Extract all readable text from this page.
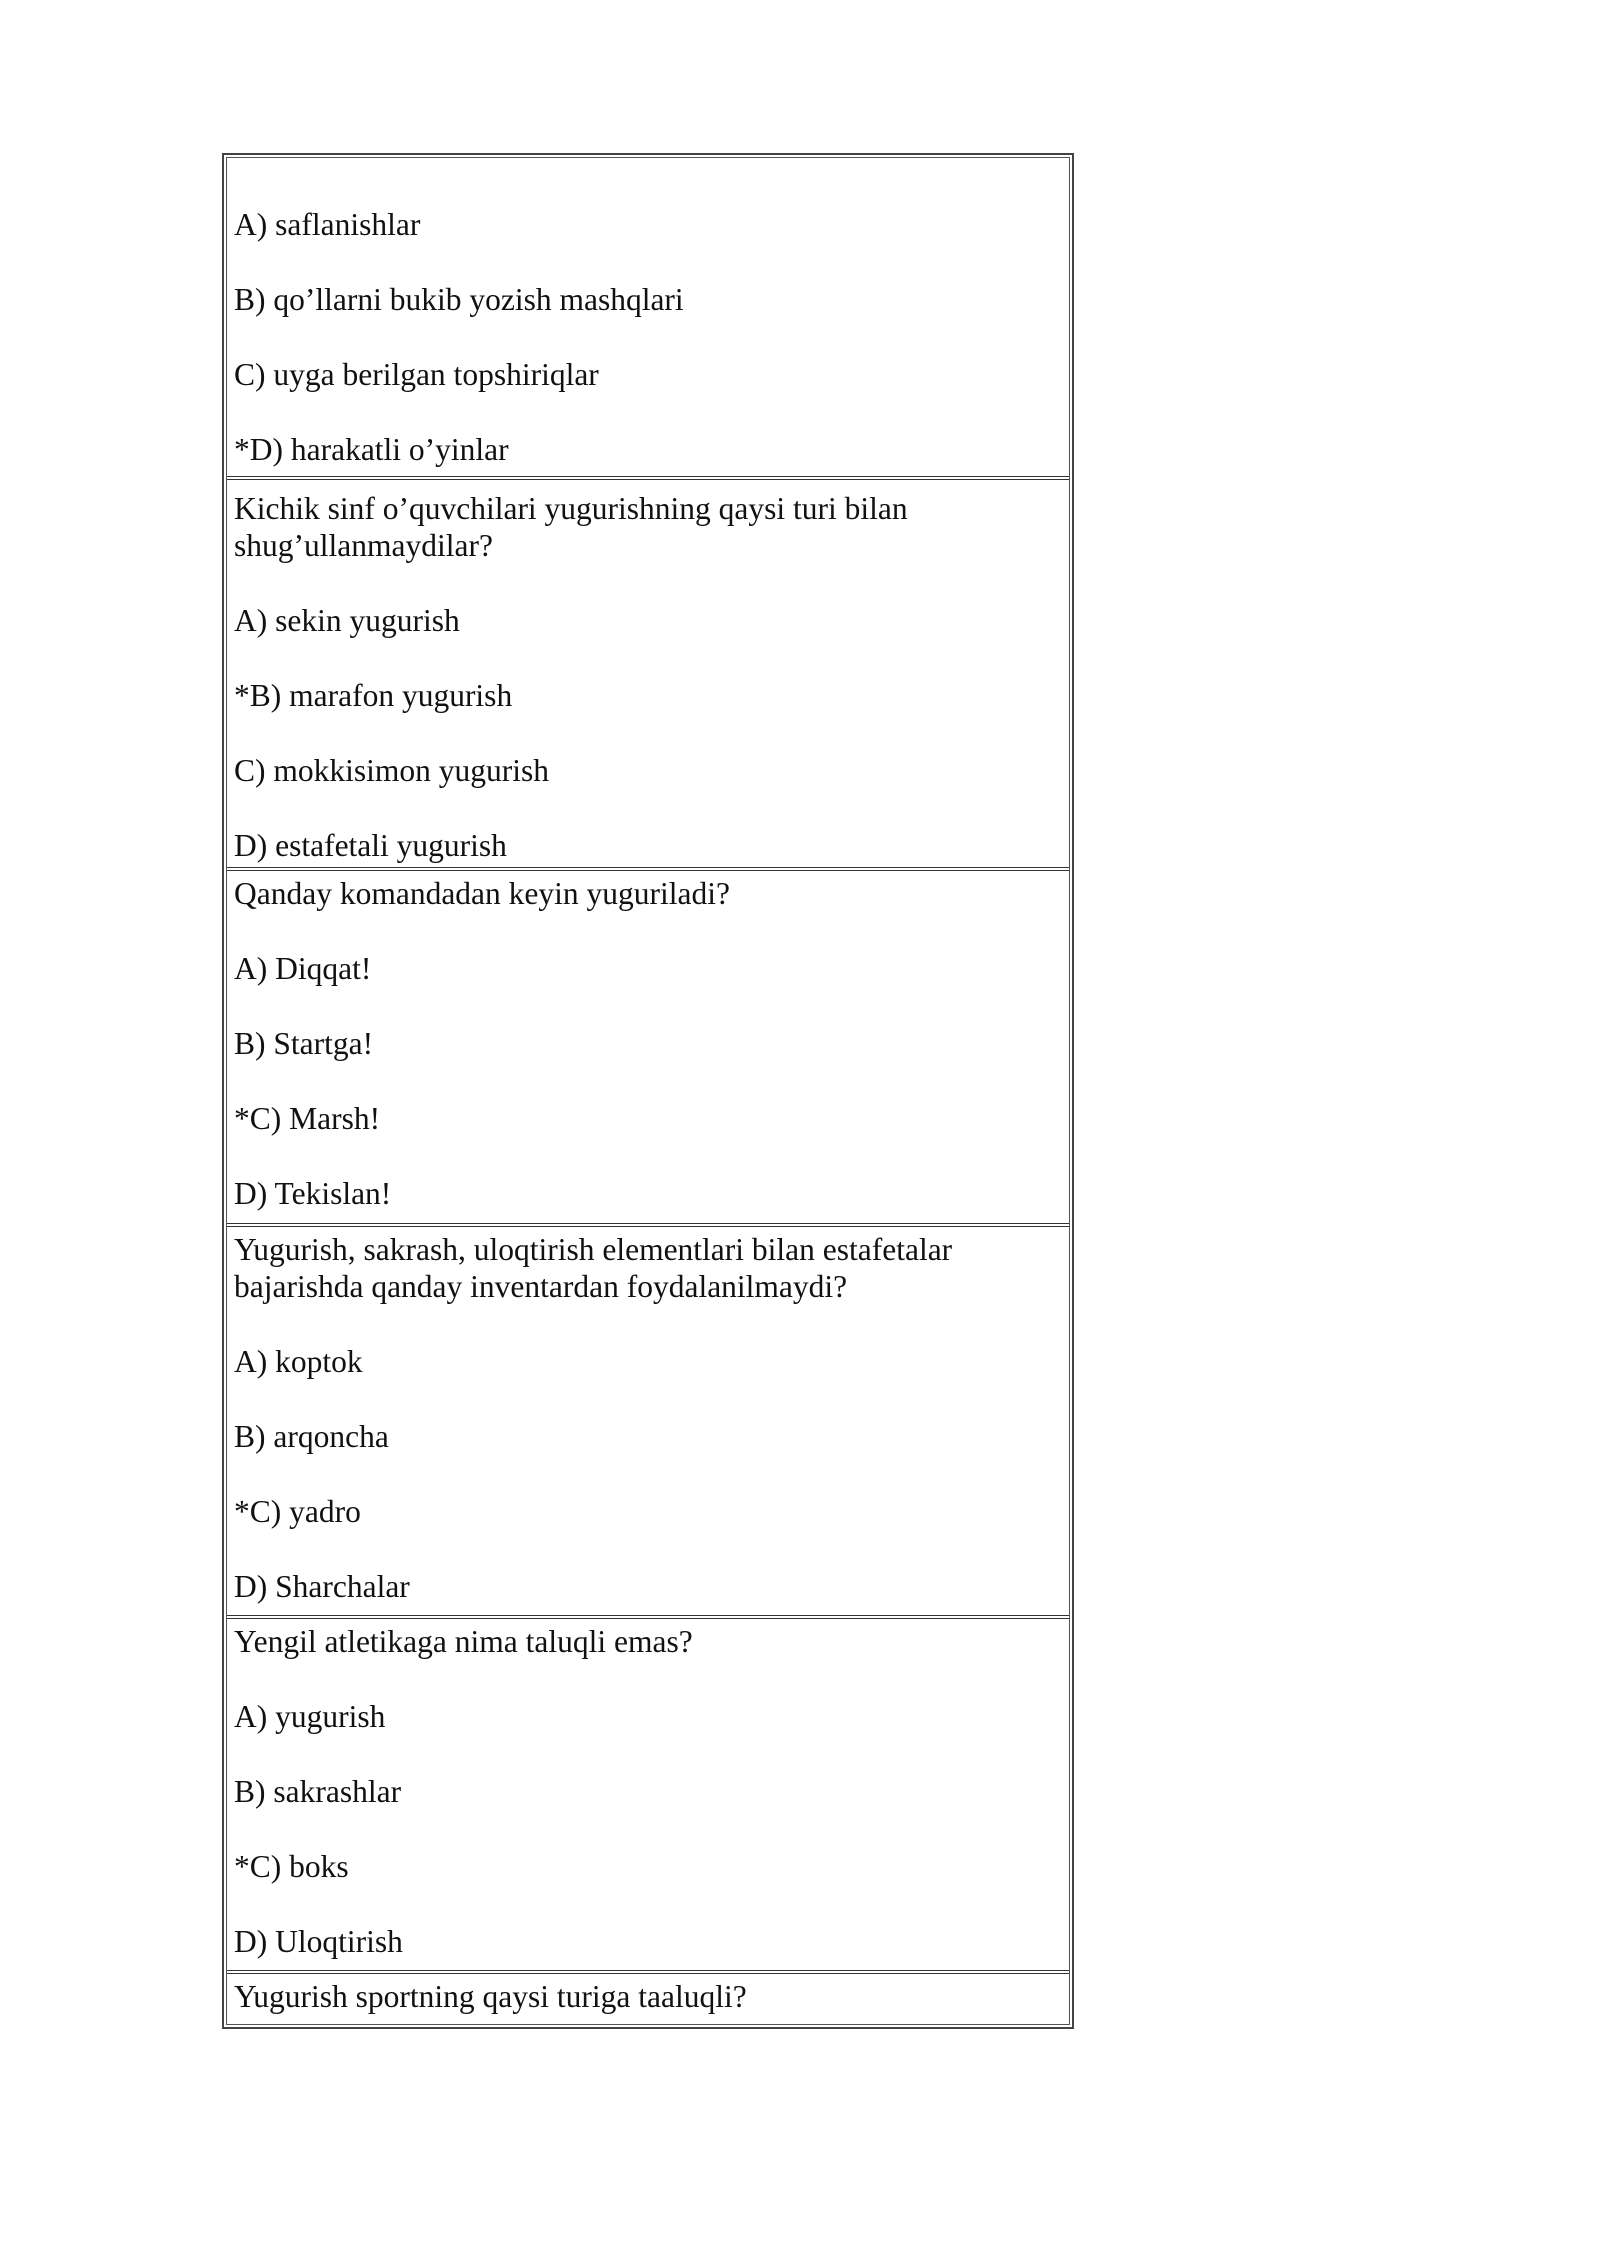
A) saflanishlar

B) qo’llarni bukib yozish mashqlari

C) uyga berilgan topshiriqlar

*D) harakatli o’yinlar

Kichik sinf o’quvchilari yugurishning qaysi turi bilan shug’ullanmaydilar?

A) sekin yugurish

*B) marafon yugurish

C) mokkisimon yugurish

D) estafetali yugurish

Qanday komandadan keyin yuguriladi?

A) Diqqat!

B) Startga!

*C) Marsh!

D) Tekislan!

Yugurish, sakrash, uloqtirish elementlari bilan estafetalar bajarishda qanday inventardan foydalanilmaydi?

A) koptok

B) arqoncha

*C) yadro

D) Sharchalar

Yengil atletikaga nima taluqli emas?

A) yugurish

B) sakrashlar

*C) boks

D) Uloqtirish

Yugurish sportning qaysi turiga taaluqli?
